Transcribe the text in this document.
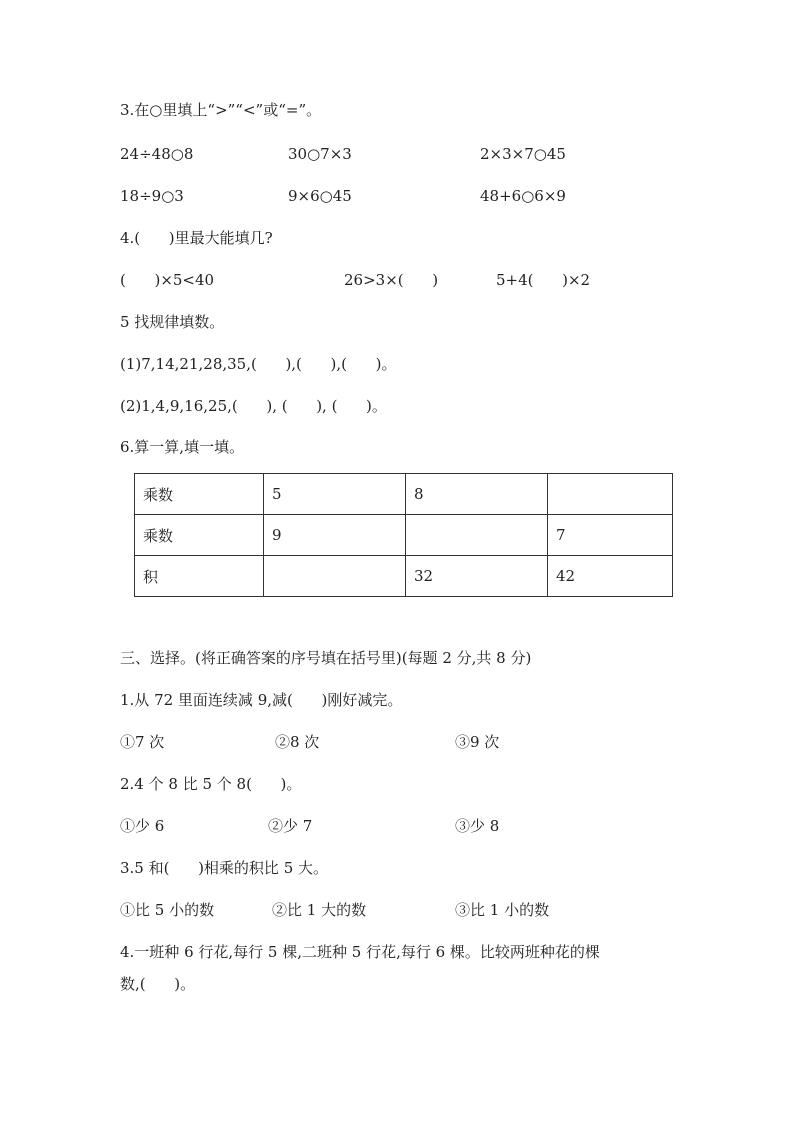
3.在○里填上“>”“<”或“=”。
24÷48○8	30○7×3	2×3×7○45
18÷9○3	9×6○45	48+6○6×9
4.(      )里最大能填几?
(      )×5<40	26>3×(      )	5+4(      )×2
5 找规律填数。
(1)7,14,21,28,35,(      ),(      ),(      )。
(2)1,4,9,16,25,(      ), (      ), (      )。
6.算一算,填一填。
乘数	5	8	
乘数	9		7
积		32	42
三、选择。(将正确答案的序号填在括号里)(每题 2 分,共 8 分)
1.从 72 里面连续减 9,减(      )刚好减完。
①7 次	②8 次	③9 次
2.4 个 8 比 5 个 8(      )。
①少 6	②少 7	③少 8
3.5 和(      )相乘的积比 5 大。
①比 5 小的数	②比 1 大的数	③比 1 小的数
4.一班种 6 行花,每行 5 棵,二班种 5 行花,每行 6 棵。比较两班种花的棵
数,(      )。
